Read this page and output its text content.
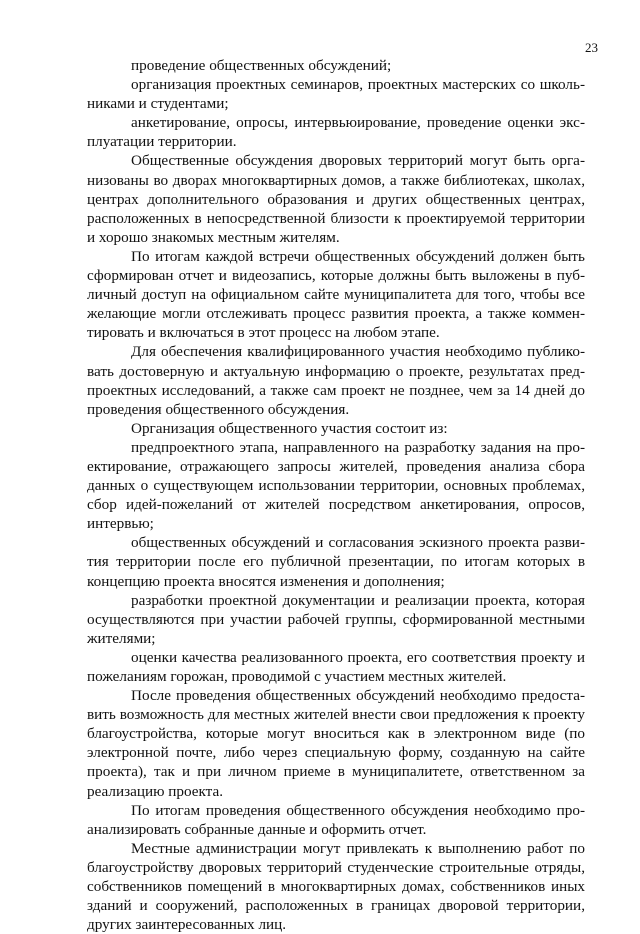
23

проведение общественных обсуждений;

организация проектных семинаров, проектных мастерских со школьниками и студентами;

анкетирование, опросы, интервьюирование, проведение оценки эксплуатации территории.

Общественные обсуждения дворовых территорий могут быть организованы во дворах многоквартирных домов, а также библиотеках, школах, центрах дополнительного образования и других общественных центрах, расположенных в непосредственной близости к проектируемой территории и хорошо знакомых местным жителям.

По итогам каждой встречи общественных обсуждений должен быть сформирован отчет и видеозапись, которые должны быть выложены в публичный доступ на официальном сайте муниципалитета для того, чтобы все желающие могли отслеживать процесс развития проекта, а также комментировать и включаться в этот процесс на любом этапе.

Для обеспечения квалифицированного участия необходимо публиковать достоверную и актуальную информацию о проекте, результатах предпроектных исследований, а также сам проект не позднее, чем за 14 дней до проведения общественного обсуждения.

Организация общественного участия состоит из:

предпроектного этапа, направленного на разработку задания на проектирование, отражающего запросы жителей, проведения анализа сбора данных о существующем использовании территории, основных проблемах, сбор идей-пожеланий от жителей посредством анкетирования, опросов, интервью;

общественных обсуждений и согласования эскизного проекта развития территории после его публичной презентации, по итогам которых в концепцию проекта вносятся изменения и дополнения;

разработки проектной документации и реализации проекта, которая осуществляются при участии рабочей группы, сформированной местными жителями;

оценки качества реализованного проекта, его соответствия проекту и пожеланиям горожан, проводимой с участием местных жителей.

После проведения общественных обсуждений необходимо предоставить возможность для местных жителей внести свои предложения к проекту благоустройства, которые могут вноситься как в электронном виде (по электронной почте, либо через специальную форму, созданную на сайте проекта), так и при личном приеме в муниципалитете, ответственном за реализацию проекта.

По итогам проведения общественного обсуждения необходимо проанализировать собранные данные и оформить отчет.

Местные администрации могут привлекать к выполнению работ по благоустройству дворовых территорий студенческие строительные отряды, собственников помещений в многоквартирных домах, собственников иных зданий и сооружений, расположенных в границах дворовой территории, других заинтересованных лиц.
